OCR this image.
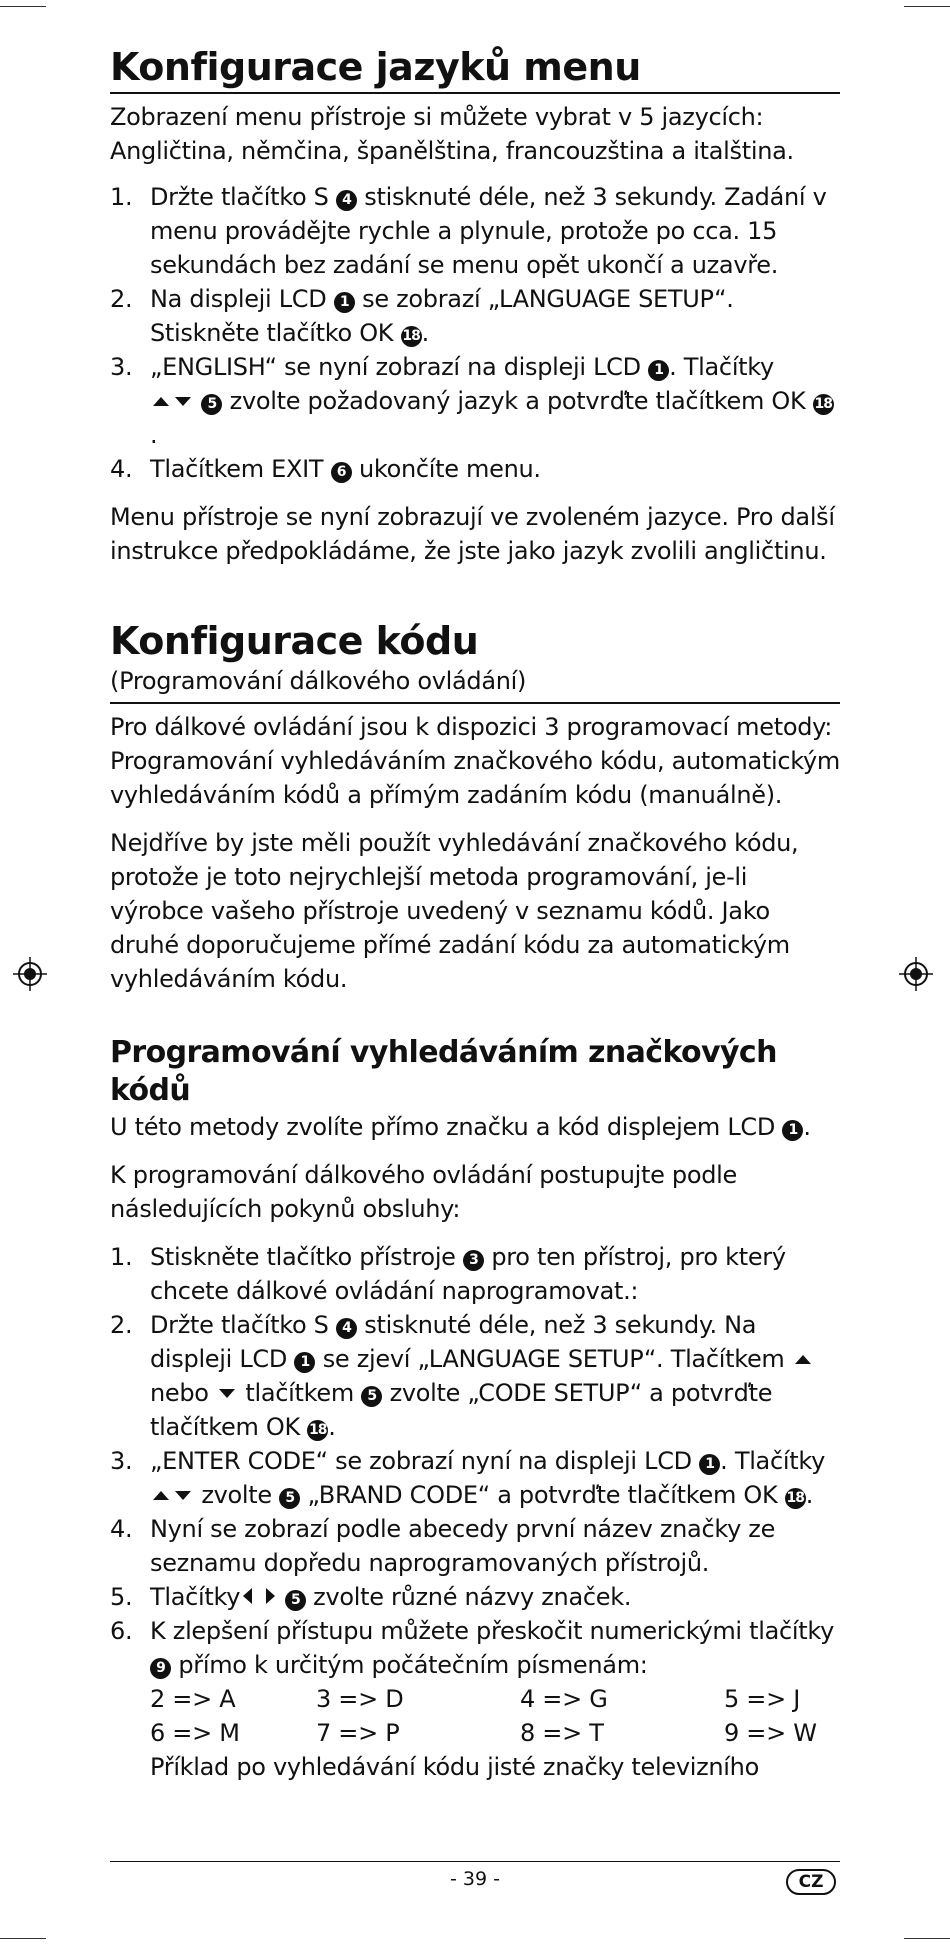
Konfigurace jazyků menu

Zobrazení menu přístroje si můžete vybrat v 5 jazycích: Angličtina, němčina, španělština, francouzština a italština.

1. Držte tlačítko S 4 stisknuté déle, než 3 sekundy. Zadání v menu provádějte rychle a plynule, protože po cca. 15 sekundách bez zadání se menu opět ukončí a uzavře.
2. Na displeji LCD 1 se zobrazí „LANGUAGE SETUP“. Stiskněte tlačítko OK 18.
3. „ENGLISH“ se nyní zobrazí na displeji LCD 1 . Tlačítky
5 zvolte požadovaný jazyk a potvrďte tlačítkem OK 18.
4. Tlačítkem EXIT 6 ukončíte menu.

Menu přístroje se nyní zobrazují ve zvoleném jazyce. Pro další instrukce předpokládáme, že jste jako jazyk zvolili angličtinu.

Konfigurace kódu

(Programování dálkového ovládání)

Pro dálkové ovládání jsou k dispozici 3 programovací metody: Programování vyhledáváním značkového kódu, automatickým vyhledáváním kódů a přímým zadáním kódu (manuálně).

Nejdříve by jste měli použít vyhledávání značkového kódu, protože je toto nejrychlejší metoda programování, je-li výrobce vašeho přístroje uvedený v seznamu kódů. Jako druhé doporučujeme přímé zadání kódu za automatickým vyhledáváním kódu.

Programování vyhledáváním značkových kódů

U této metody zvolíte přímo značku a kód displejem LCD 1 .

K programování dálkového ovládání postupujte podle následujících pokynů obsluhy:

1. Stiskněte tlačítko přístroje 3 pro ten přístroj, pro který chcete dálkové ovládání naprogramovat.:
2. Držte tlačítko S 4 stisknuté déle, než 3 sekundy. Na displeji LCD 1 se zjeví „LANGUAGE SETUP“. Tlačítkem  nebo  tlačítkem 5 zvolte „CODE SETUP“ a potvrďte tlačítkem OK 18.
3. „ENTER CODE“ se zobrazí nyní na displeji LCD 1 . Tlačítky zvolte 5 „BRAND CODE“ a potvrďte tlačítkem OK 18.
4. Nyní se zobrazí podle abecedy první název značky ze seznamu dopředu naprogramovaných přístrojů.
5. Tlačítky	5 zvolte různé názvy značek.
6. K zlepšení přístupu můžete přeskočit numerickými tlačítky 9 přímo k určitým počátečním písmenám:
2 => A	3 => D	4 => G	5 => J
6 => M	7 => P	8 => T	9 => W
Příklad po vyhledávání kódu jisté značky televizního
- 39 -	CZ
